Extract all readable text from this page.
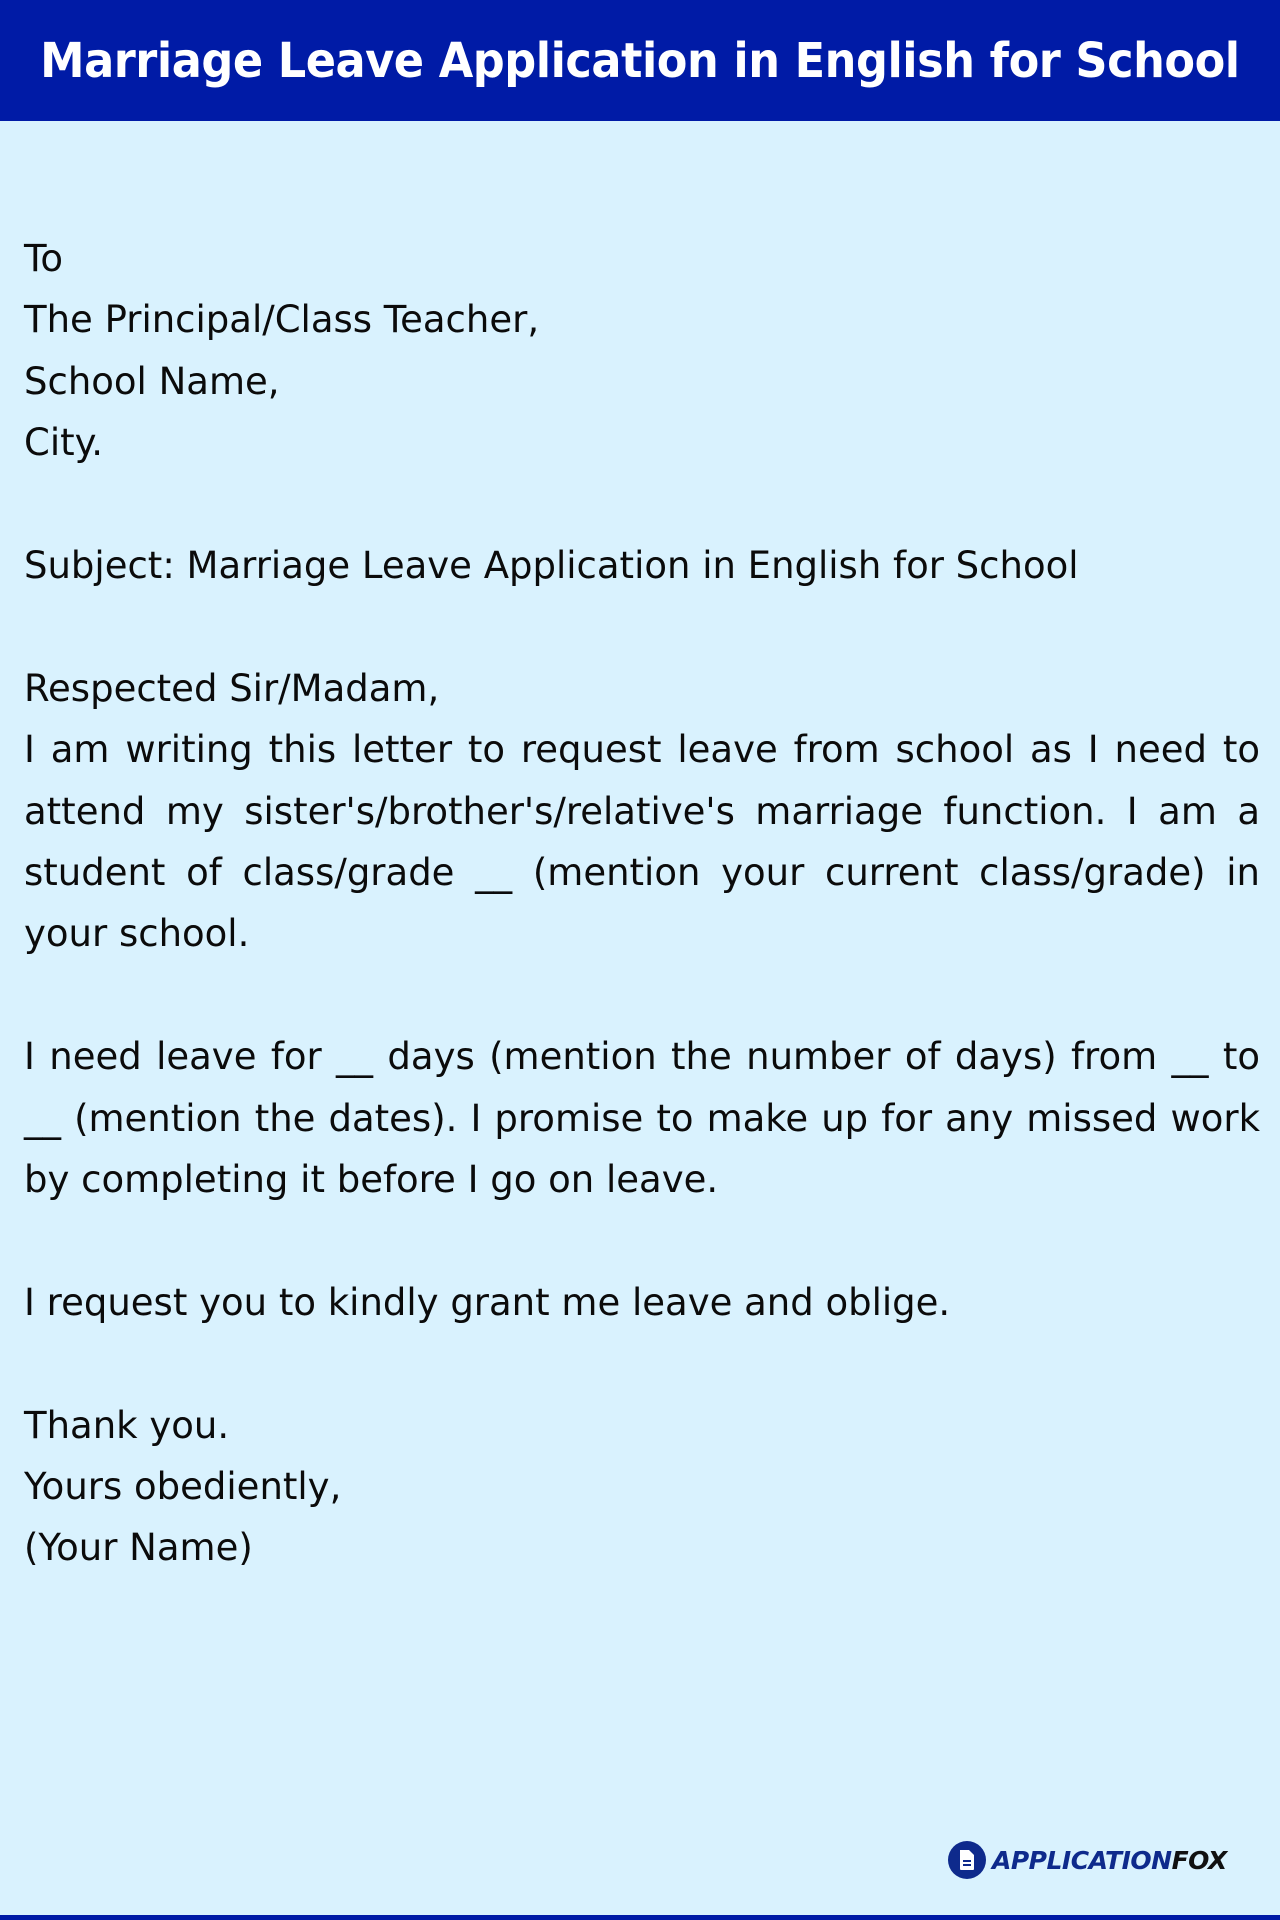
Marriage Leave Application in English for School
To
The Principal/Class Teacher,
School Name,
City.
Subject: Marriage Leave Application in English for School
Respected Sir/Madam,
I am writing this letter to request leave from school as I need to attend my sister's/brother's/relative's marriage function. I am a student of class/grade __ (mention your current class/grade) in your school.
I need leave for __ days (mention the number of days) from __ to __ (mention the dates). I promise to make up for any missed work by completing it before I go on leave.
I request you to kindly grant me leave and oblige.
Thank you.
Yours obediently,
(Your Name)
APPLICATIONFOX
